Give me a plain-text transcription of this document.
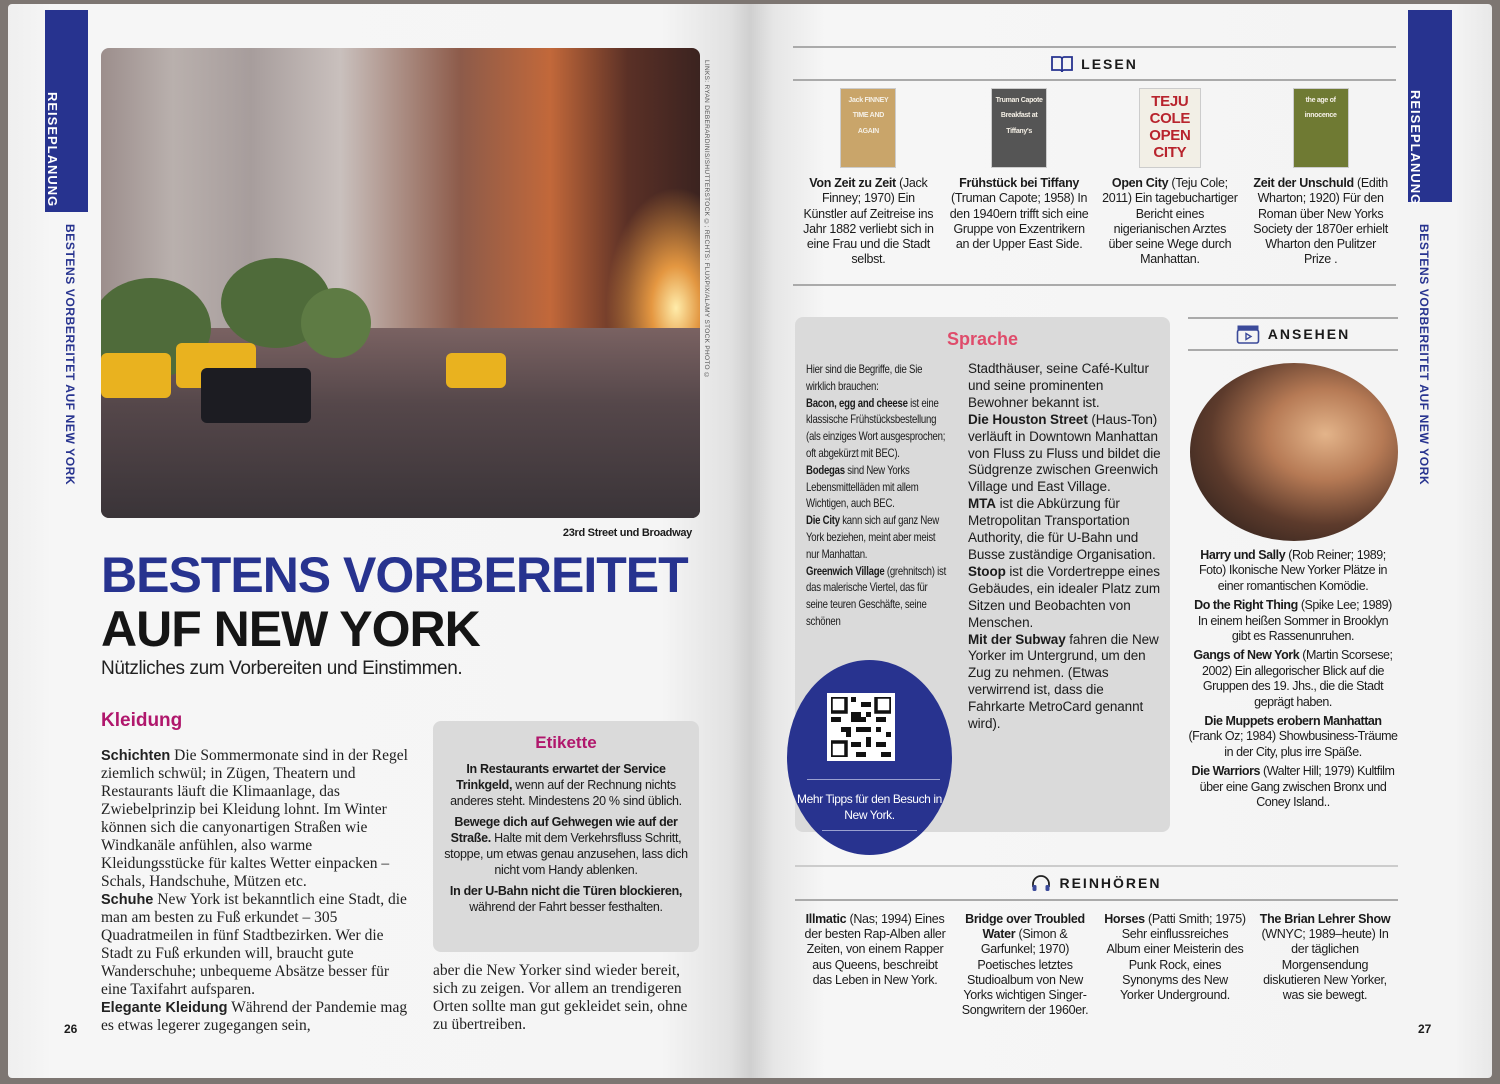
REISEPLANUNG
BESTENS VORBEREITET AUF NEW YORK	LINKS: RYAN DEBERARDINIS/SHUTTERSTOCK ©; RECHTS: FLUXPIX/ALAMY STOCK PHOTO ©
23rd Street und Broadway
BESTENS VORBEREITET
AUF NEW YORK
Nützliches zum Vorbereiten und Einstimmen.
Kleidung

Schichten Die Sommermonate sind in der Regel ziemlich schwül; in Zügen, Theatern und Restaurants läuft die Klimaanlage, das Zwiebelprinzip bei Kleidung lohnt. Im Winter können sich die canyonartigen Straßen wie Windkanäle anfühlen, also warme Kleidungsstücke für kaltes Wetter einpacken – Schals, Handschuhe, Mützen etc.

Schuhe New York ist bekanntlich eine Stadt, die man am besten zu Fuß erkundet – 305 Quadratmeilen in fünf Stadtbezirken. Wer die Stadt zu Fuß erkunden will, braucht gute Wanderschuhe; unbequeme Absätze besser für eine Taxifahrt aufsparen.

Elegante Kleidung Während der Pandemie mag es etwas legerer zugegangen sein,

aber die New Yorker sind wieder bereit, sich zu zeigen. Vor allem an trendigeren Orten sollte man gut gekleidet sein, ohne zu übertreiben.
Etikette

In Restaurants erwartet der Service Trinkgeld, wenn auf der Rechnung nichts anderes steht. Mindestens 20 % sind üblich.

Bewege dich auf Gehwegen wie auf der Straße. Halte mit dem Verkehrsfluss Schritt, stoppe, um etwas genau anzusehen, lass dich nicht vom Handy ablenken.

In der U-Bahn nicht die Türen blockieren, während der Fahrt besser festhalten.

26
REISEPLANUNG
BESTENS VORBEREITET AUF NEW YORK
LESEN
Jack FINNEY TIME AND AGAIN
Von Zeit zu Zeit (Jack Finney; 1970) Ein Künstler auf Zeitreise ins Jahr 1882 verliebt sich in eine Frau und die Stadt selbst.
Truman Capote Breakfast at Tiffany's
Frühstück bei Tiffany (Truman Capote; 1958) In den 1940ern trifft sich eine Gruppe von Exzentrikern an der Upper East Side.
TEJU COLE OPEN CITY
Open City (Teju Cole; 2011) Ein tagebuchartiger Bericht eines nigerianischen Arztes über seine Wege durch Manhattan.
the age of innocence
Zeit der Unschuld (Edith Wharton; 1920) Für den Roman über New Yorks Society der 1870er erhielt Wharton den Pulitzer Prize .
Sprache

Hier sind die Begriffe, die Sie wirklich brauchen:

Bacon, egg and cheese ist eine klassische Frühstücksbestellung (als einziges Wort ausgesprochen; oft abgekürzt mit BEC).

Bodegas sind New Yorks Lebensmittelläden mit allem Wichtigen, auch BEC.

Die City kann sich auf ganz New York beziehen, meint aber meist nur Manhattan.

Greenwich Village (grehnitsch) ist das malerische Viertel, das für seine teuren Geschäfte, seine schönen

Stadthäuser, seine Café-Kultur und seine prominenten Bewohner bekannt ist.

Die Houston Street (Haus-Ton) verläuft in Downtown Manhattan von Fluss zu Fluss und bildet die Südgrenze zwischen Greenwich Village und East Village.

MTA ist die Abkürzung für Metropolitan Transportation Authority, die für U-Bahn und Busse zuständige Organisation.

Stoop ist die Vordertreppe eines Gebäudes, ein idealer Platz zum Sitzen und Beobachten von Menschen.

Mit der Subway fahren die New Yorker im Untergrund, um den Zug zu nehmen. (Etwas verwirrend ist, dass die Fahrkarte MetroCard genannt wird).

Mehr Tipps für den Besuch in New York.
ANSEHEN

Harry und Sally (Rob Reiner; 1989; Foto) Ikonische New Yorker Plätze in einer romantischen Komödie.

Do the Right Thing (Spike Lee; 1989) In einem heißen Sommer in Brooklyn gibt es Rassenunruhen.

Gangs of New York (Martin Scorsese; 2002) Ein allegorischer Blick auf die Gruppen des 19. Jhs., die die Stadt geprägt haben.

Die Muppets erobern Manhattan (Frank Oz; 1984) Showbusiness-Träume in der City, plus irre Späße.

Die Warriors (Walter Hill; 1979) Kultfilm über eine Gang zwischen Bronx und Coney Island..

REINHÖREN
Illmatic (Nas; 1994) Eines der besten Rap-Alben aller Zeiten, von einem Rapper aus Queens, beschreibt das Leben in New York.
Bridge over Troubled Water (Simon & Garfunkel; 1970) Poetisches letztes Studioalbum von New Yorks wichtigen Singer-Songwritern der 1960er.
Horses (Patti Smith; 1975) Sehr einflussreiches Album einer Meisterin des Punk Rock, eines Synonyms des New Yorker Underground.
The Brian Lehrer Show (WNYC; 1989–heute) In der täglichen Morgensendung diskutieren New Yorker, was sie bewegt.
27
